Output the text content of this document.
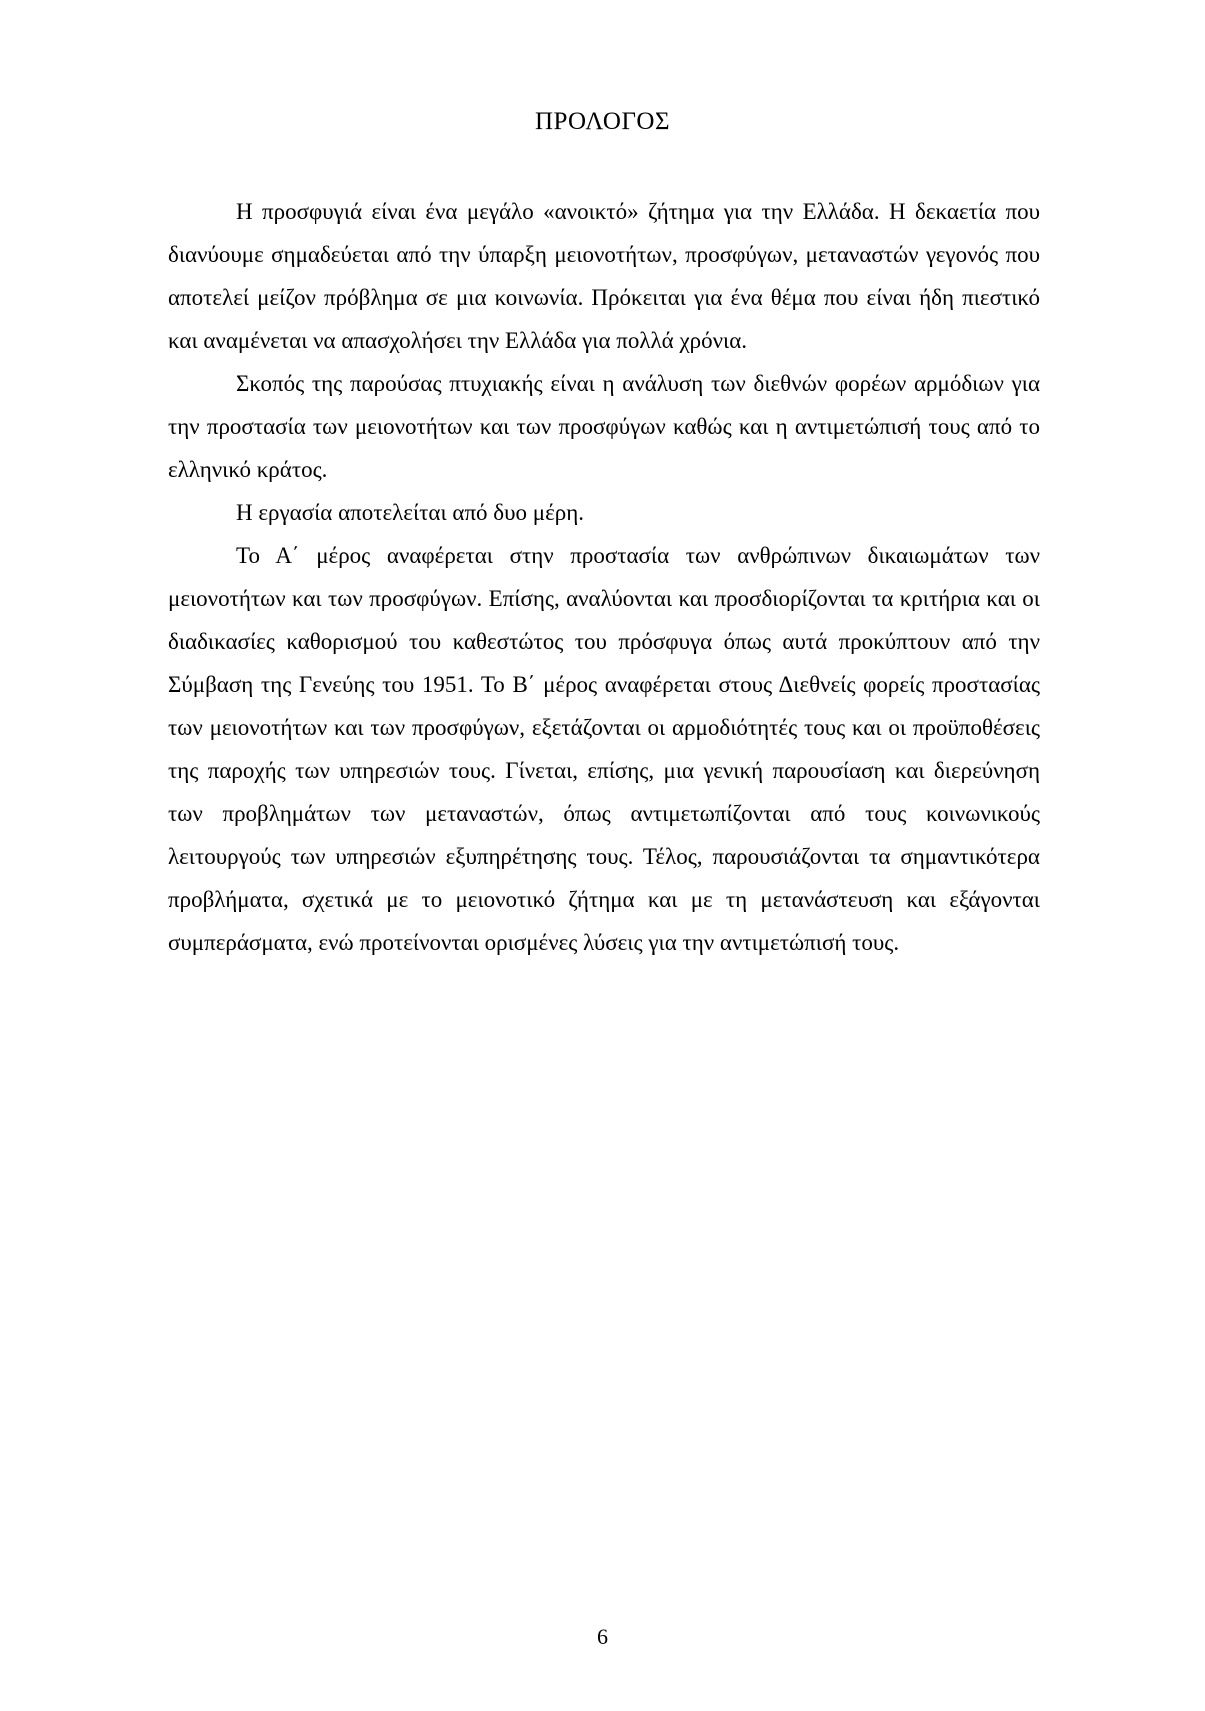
ΠΡΟΛΟΓΟΣ

Η προσφυγιά είναι ένα μεγάλο «ανοικτό» ζήτημα για την Ελλάδα. Η δεκαετία που διανύουμε σημαδεύεται από την ύπαρξη μειονοτήτων, προσφύγων, μεταναστών γεγονός που αποτελεί μείζον πρόβλημα σε μια κοινωνία. Πρόκειται για ένα θέμα που είναι ήδη πιεστικό και αναμένεται να απασχολήσει την Ελλάδα για πολλά χρόνια.

Σκοπός της παρούσας πτυχιακής είναι η ανάλυση των διεθνών φορέων αρμόδιων για την προστασία των μειονοτήτων και των προσφύγων καθώς και η αντιμετώπισή τους από το ελληνικό κράτος.

Η εργασία αποτελείται από δυο μέρη.

Το Α΄ μέρος αναφέρεται στην προστασία των ανθρώπινων δικαιωμάτων των μειονοτήτων και των προσφύγων. Επίσης, αναλύονται και προσδιορίζονται τα κριτήρια και οι διαδικασίες καθορισμού του καθεστώτος του πρόσφυγα όπως αυτά προκύπτουν από την Σύμβαση της Γενεύης του 1951. Το Β΄ μέρος αναφέρεται στους Διεθνείς φορείς προστασίας των μειονοτήτων και των προσφύγων, εξετάζονται οι αρμοδιότητές τους και οι προϋποθέσεις της παροχής των υπηρεσιών τους. Γίνεται, επίσης, μια γενική παρουσίαση και διερεύνηση των προβλημάτων των μεταναστών, όπως αντιμετωπίζονται από τους κοινωνικούς λειτουργούς των υπηρεσιών εξυπηρέτησης τους. Τέλος, παρουσιάζονται τα σημαντικότερα προβλήματα, σχετικά με το μειονοτικό ζήτημα και με τη μετανάστευση και εξάγονται συμπεράσματα, ενώ προτείνονται ορισμένες λύσεις για την αντιμετώπισή τους.

6
